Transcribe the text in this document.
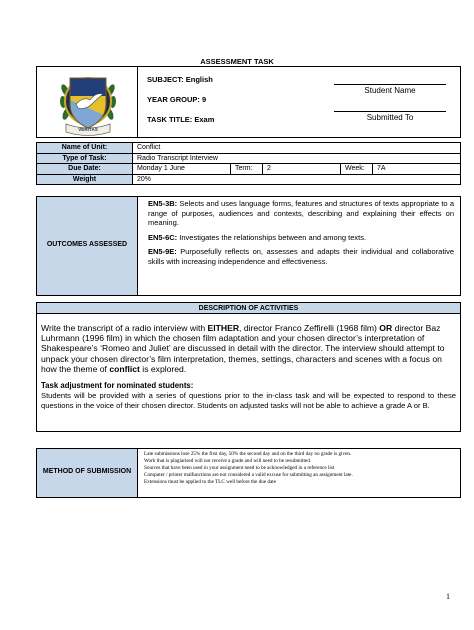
ASSESSMENT TASK
VERITAS
SUBJECT: English
YEAR GROUP: 9
TASK TITLE: Exam
Student Name
Submitted To
Name of Unit:	Conflict				
Type of Task:	Radio Transcript Interview				
Due Date:	Monday 1 June	Term:	2	Week:	7A
Weight	20%				
OUTCOMES ASSESSED
EN5-3B: Selects and uses language forms, features and structures of texts appropriate to a range of purposes, audiences and contexts, describing and explaining their effects on meaning.
EN5-6C: Investigates the relationships between and among texts.
EN5-9E: Purposefully reflects on, assesses and adapts their individual and collaborative skills with increasing independence and effectiveness.
DESCRIPTION OF ACTIVITIES
Write the transcript of a radio interview with EITHER, director Franco Zeffirelli (1968 film) OR director Baz Luhrmann (1996 film) in which the chosen film adaptation and your chosen director’s interpretation of Shakespeare’s ‘Romeo and Juliet’ are discussed in detail with the director. The interview should attempt to unpack your chosen director’s film interpretation, themes, settings, characters and scenes with a focus on how the theme of conflict is explored.
Task adjustment for nominated students:
Students will be provided with a series of questions prior to the in-class task and will be expected to respond to these questions in the voice of their chosen director. Students on adjusted tasks will not be able to achieve a grade A or B.
METHOD OF SUBMISSION
Late submissions lose 25% the first day, 50% the second day and on the third day no grade is given.
Work that is plagiarised will not receive a grade and will need to be resubmitted.
Sources that have been used in your assignment need to be acknowledged in a reference list
Computer / printer malfunctions are not considered a valid excuse for submitting an assignment late.
Extensions must be applied to the TLC well before the due date
1
